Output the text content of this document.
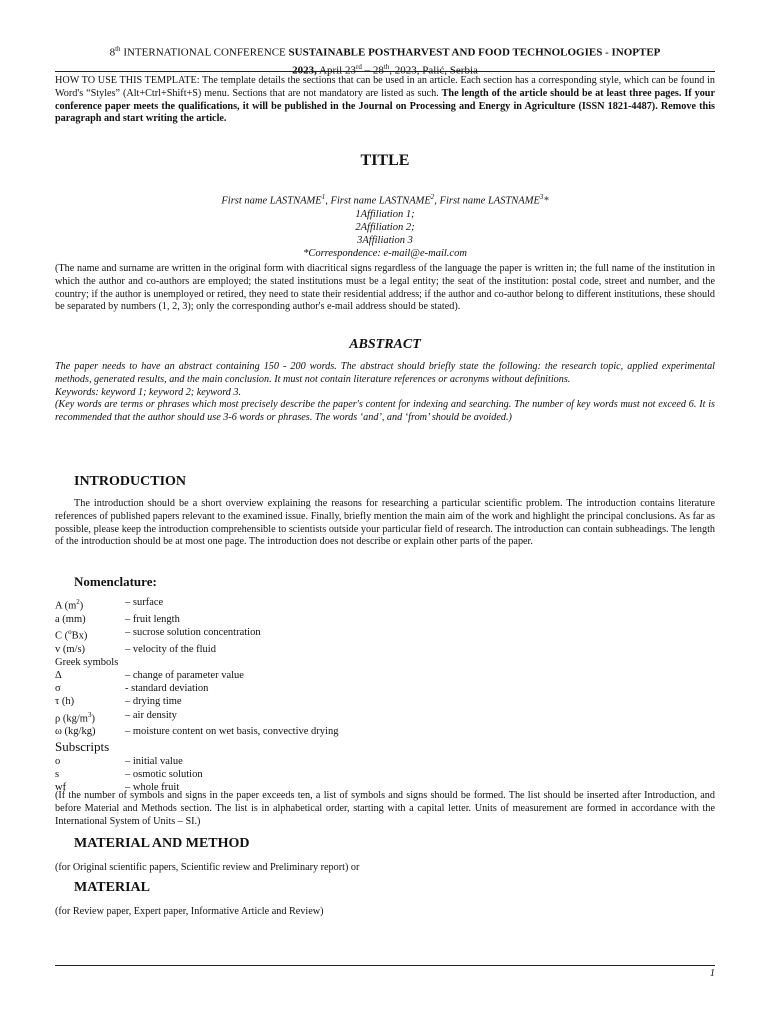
8th INTERNATIONAL CONFERENCE SUSTAINABLE POSTHARVEST AND FOOD TECHNOLOGIES - INOPTEP
2023, April 23rd – 28th, 2023, Palić, Serbia
HOW TO USE THIS TEMPLATE: The template details the sections that can be used in an article. Each section has a corresponding style, which can be found in Word's “Styles” (Alt+Ctrl+Shift+S) menu. Sections that are not mandatory are listed as such. The length of the article should be at least three pages. If your conference paper meets the qualifications, it will be published in the Journal on Processing and Energy in Agriculture (ISSN 1821-4487). Remove this paragraph and start writing the article.
TITLE
First name LASTNAME$^1$, First name LASTNAME$^2$, First name LASTNAME$^3$*
1Affiliation 1;
2Affiliation 2;
3Affiliation 3
*Correspondence: e-mail@e-mail.com
(The name and surname are written in the original form with diacritical signs regardless of the language the paper is written in; the full name of the institution in which the author and co-authors are employed; the stated institutions must be a legal entity; the seat of the institution: postal code, street and number, and the country; if the author is unemployed or retired, they need to state their residential address; if the author and co-author belong to different institutions, these should be separated by numbers (1, 2, 3); only the corresponding author's e-mail address should be stated).
ABSTRACT

The paper needs to have an abstract containing 150 - 200 words. The abstract should briefly state the following: the research topic, applied experimental methods, generated results, and the main conclusion. It must not contain literature references or acronyms without definitions.

Keywords: keyword 1; keyword 2; keyword 3.

(Key words are terms or phrases which most precisely describe the paper's content for indexing and searching. The number of key words must not exceed 6. It is recommended that the author should use 3-6 words or phrases. The words ‘and’, and ‘from’ should be avoided.)

INTRODUCTION
The introduction should be a short overview explaining the reasons for researching a particular scientific problem. The introduction contains literature references of published papers relevant to the examined issue. Finally, briefly mention the main aim of the work and highlight the principal conclusions. As far as possible, please keep the introduction comprehensible to scientists outside your particular field of research. The introduction can contain subheadings. The length of the introduction should be at most one page. The introduction does not describe or explain other parts of the paper.
Nomenclature:
A $(m^2)$	– surface
a (mm)	– fruit length
C ($^o$Bx)	– sucrose solution concentration
v (m/s)	– velocity of the fluid
Greek symbols
Δ	– change of parameter value
σ	- standard deviation
τ (h)	– drying time
ρ $(kg/m^3)$	– air density
ω (kg/kg)	– moisture content on wet basis, convective drying
Subscripts
o	– initial value
s	– osmotic solution
wf	– whole fruit
(If the number of symbols and signs in the paper exceeds ten, a list of symbols and signs should be formed. The list should be inserted after Introduction, and before Material and Methods section. The list is in alphabetical order, starting with a capital letter. Units of measurement are formed in accordance with the International System of Units – SI.)
MATERIAL AND METHOD
(for Original scientific papers, Scientific review and Preliminary report) or
MATERIAL
(for Review paper, Expert paper, Informative Article and Review)
1
